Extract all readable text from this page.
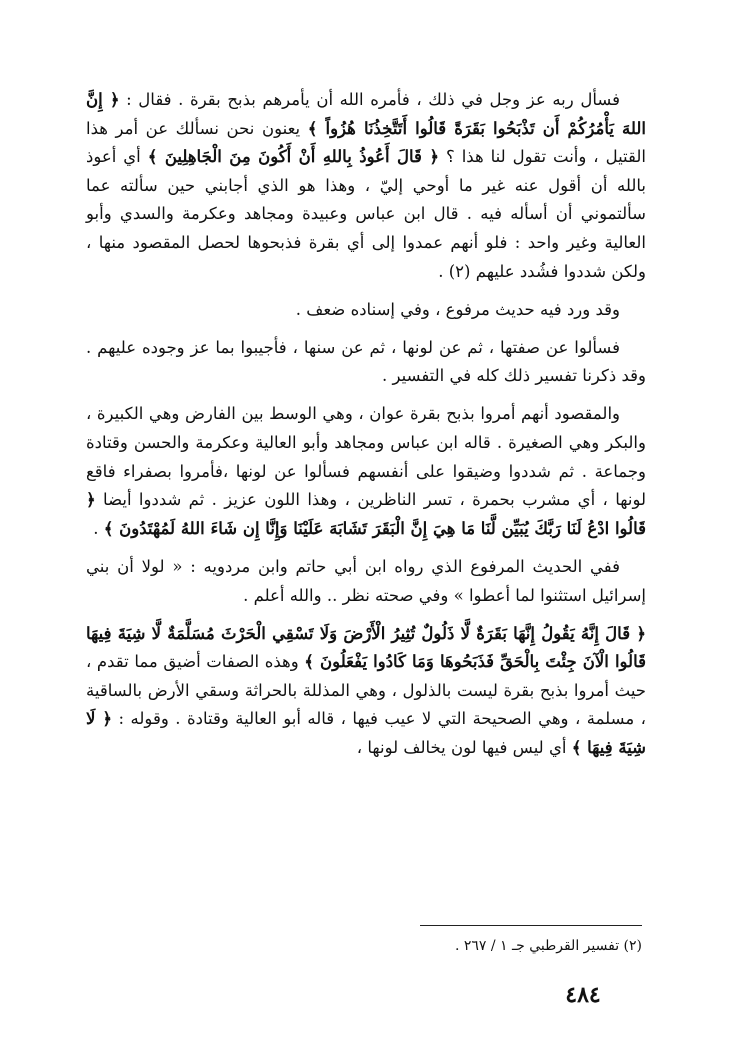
فسأل ربه عز وجل في ذلك ، فأمره الله أن يأمرهم بذبح بقرة . فقال : ﴿ إِنَّ اللهَ يَأْمُرُكُمْ أَن تَذْبَحُوا بَقَرَةً قَالُوا أَتَتَّخِذُنَا هُزُواً ﴾ يعنون نحن نسألك عن أمر هذا القتيل ، وأنت تقول لنا هذا ؟ ﴿ قَالَ أَعُوذُ بِاللهِ أَنْ أَكُونَ مِنَ الْجَاهِلِينَ ﴾ أي أعوذ بالله أن أقول عنه غير ما أوحي إليّ ، وهذا هو الذي أجابني حين سألته عما سألتموني أن أسأله فيه . قال ابن عباس وعبيدة ومجاهد وعكرمة والسدي وأبو العالية وغير واحد : فلو أنهم عمدوا إلى أي بقرة فذبحوها لحصل المقصود منها ، ولكن شددوا فشُدد عليهم (٢) .

وقد ورد فيه حديث مرفوع ، وفي إسناده ضعف .

فسألوا عن صفتها ، ثم عن لونها ، ثم عن سنها ، فأجيبوا بما عز وجوده عليهم . وقد ذكرنا تفسير ذلك كله في التفسير .

والمقصود أنهم أمروا بذبح بقرة عوان ، وهي الوسط بين الفارض وهي الكبيرة ، والبكر وهي الصغيرة . قاله ابن عباس ومجاهد وأبو العالية وعكرمة والحسن وقتادة وجماعة . ثم شددوا وضيقوا على أنفسهم فسألوا عن لونها ،فأمروا بصفراء فاقع لونها ، أي مشرب بحمرة ، تسر الناظرين ، وهذا اللون عزيز . ثم شددوا أيضا ﴿ قَالُوا ادْعُ لَنَا رَبَّكَ يُبَيِّن لَّنَا مَا هِيَ إِنَّ الْبَقَرَ تَشَابَهَ عَلَيْنَا وَإِنَّا إِن شَاءَ اللهُ لَمُهْتَدُونَ ﴾ .

ففي الحديث المرفوع الذي رواه ابن أبي حاتم وابن مردويه : « لولا أن بني إسرائيل استثنوا لما أعطوا » وفي صحته نظر .. والله أعلم .

﴿ قَالَ إِنَّهُ يَقُولُ إِنَّهَا بَقَرَةٌ لَّا ذَلُولٌ تُثِيرُ الْأَرْضَ وَلَا تَسْقِي الْحَرْثَ مُسَلَّمَةٌ لَّا شِيَةَ فِيهَا قَالُوا الْآنَ جِئْتَ بِالْحَقِّ فَذَبَحُوهَا وَمَا كَادُوا يَفْعَلُونَ ﴾ وهذه الصفات أضيق مما تقدم ، حيث أمروا بذبح بقرة ليست بالذلول ، وهي المذللة بالحراثة وسقي الأرض بالساقية ، مسلمة ، وهي الصحيحة التي لا عيب فيها ، قاله أبو العالية وقتادة . وقوله : ﴿ لَا شِيَةَ فِيهَا ﴾ أي ليس فيها لون يخالف لونها ،

(٢) تفسير القرطبي جـ ١ / ٢٦٧ .
٤٨٤
